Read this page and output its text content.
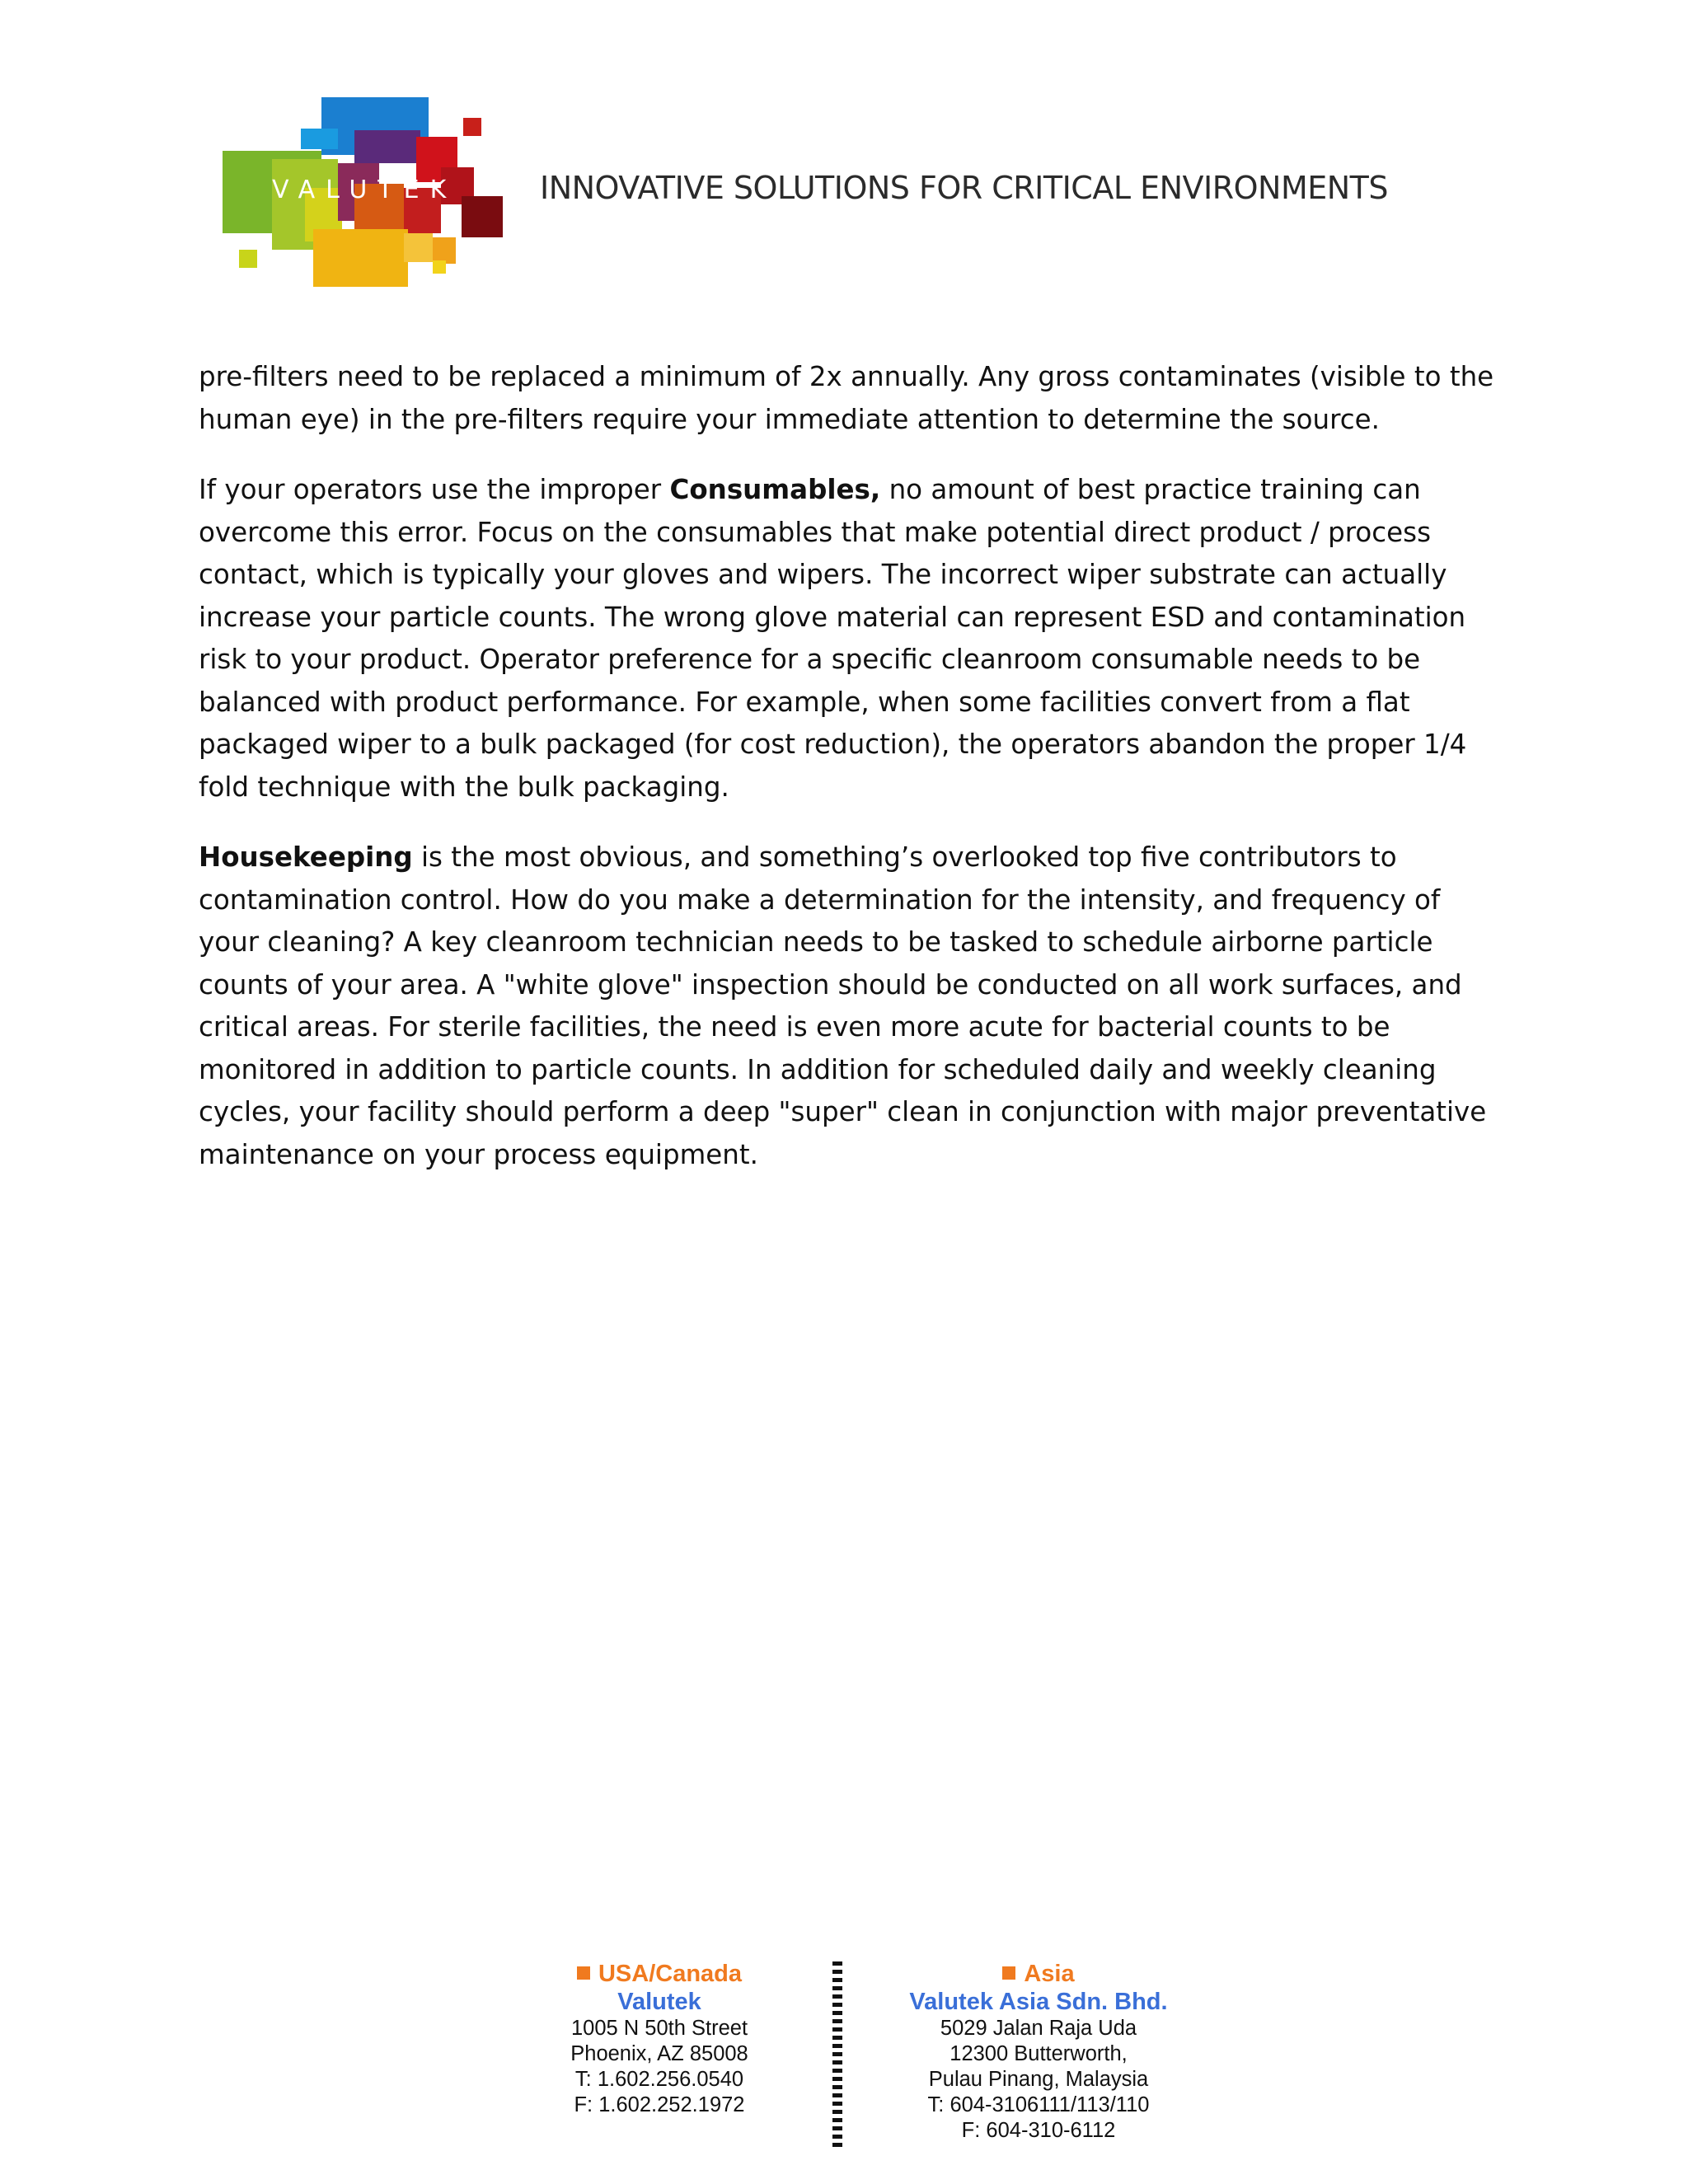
VALUTEK	INNOVATIVE SOLUTIONS FOR CRITICAL ENVIRONMENTS

pre-filters need to be replaced a minimum of 2x annually. Any gross contaminates (visible to the human eye) in the pre-filters require your immediate attention to determine the source.

If your operators use the improper Consumables, no amount of best practice training can overcome this error. Focus on the consumables that make potential direct product / process contact, which is typically your gloves and wipers. The incorrect wiper substrate can actually increase your particle counts. The wrong glove material can represent ESD and contamination risk to your product. Operator preference for a specific cleanroom consumable needs to be balanced with product performance. For example, when some facilities convert from a flat packaged wiper to a bulk packaged (for cost reduction), the operators abandon the proper 1/4 fold technique with the bulk packaging.

Housekeeping is the most obvious, and something’s overlooked top five contributors to contamination control. How do you make a determination for the intensity, and frequency of your cleaning? A key cleanroom technician needs to be tasked to schedule airborne particle counts of your area. A "white glove" inspection should be conducted on all work surfaces, and critical areas. For sterile facilities, the need is even more acute for bacterial counts to be monitored in addition to particle counts. In addition for scheduled daily and weekly cleaning cycles, your facility should perform a deep "super" clean in conjunction with major preventative maintenance on your process equipment.

USA/Canada
Valutek
1005 N 50th Street
Phoenix, AZ 85008
T: 1.602.256.0540
F: 1.602.252.1972
Asia
Valutek Asia Sdn. Bhd.
5029 Jalan Raja Uda
12300 Butterworth,
Pulau Pinang, Malaysia
T: 604-3106111/113/110
F: 604-310-6112
